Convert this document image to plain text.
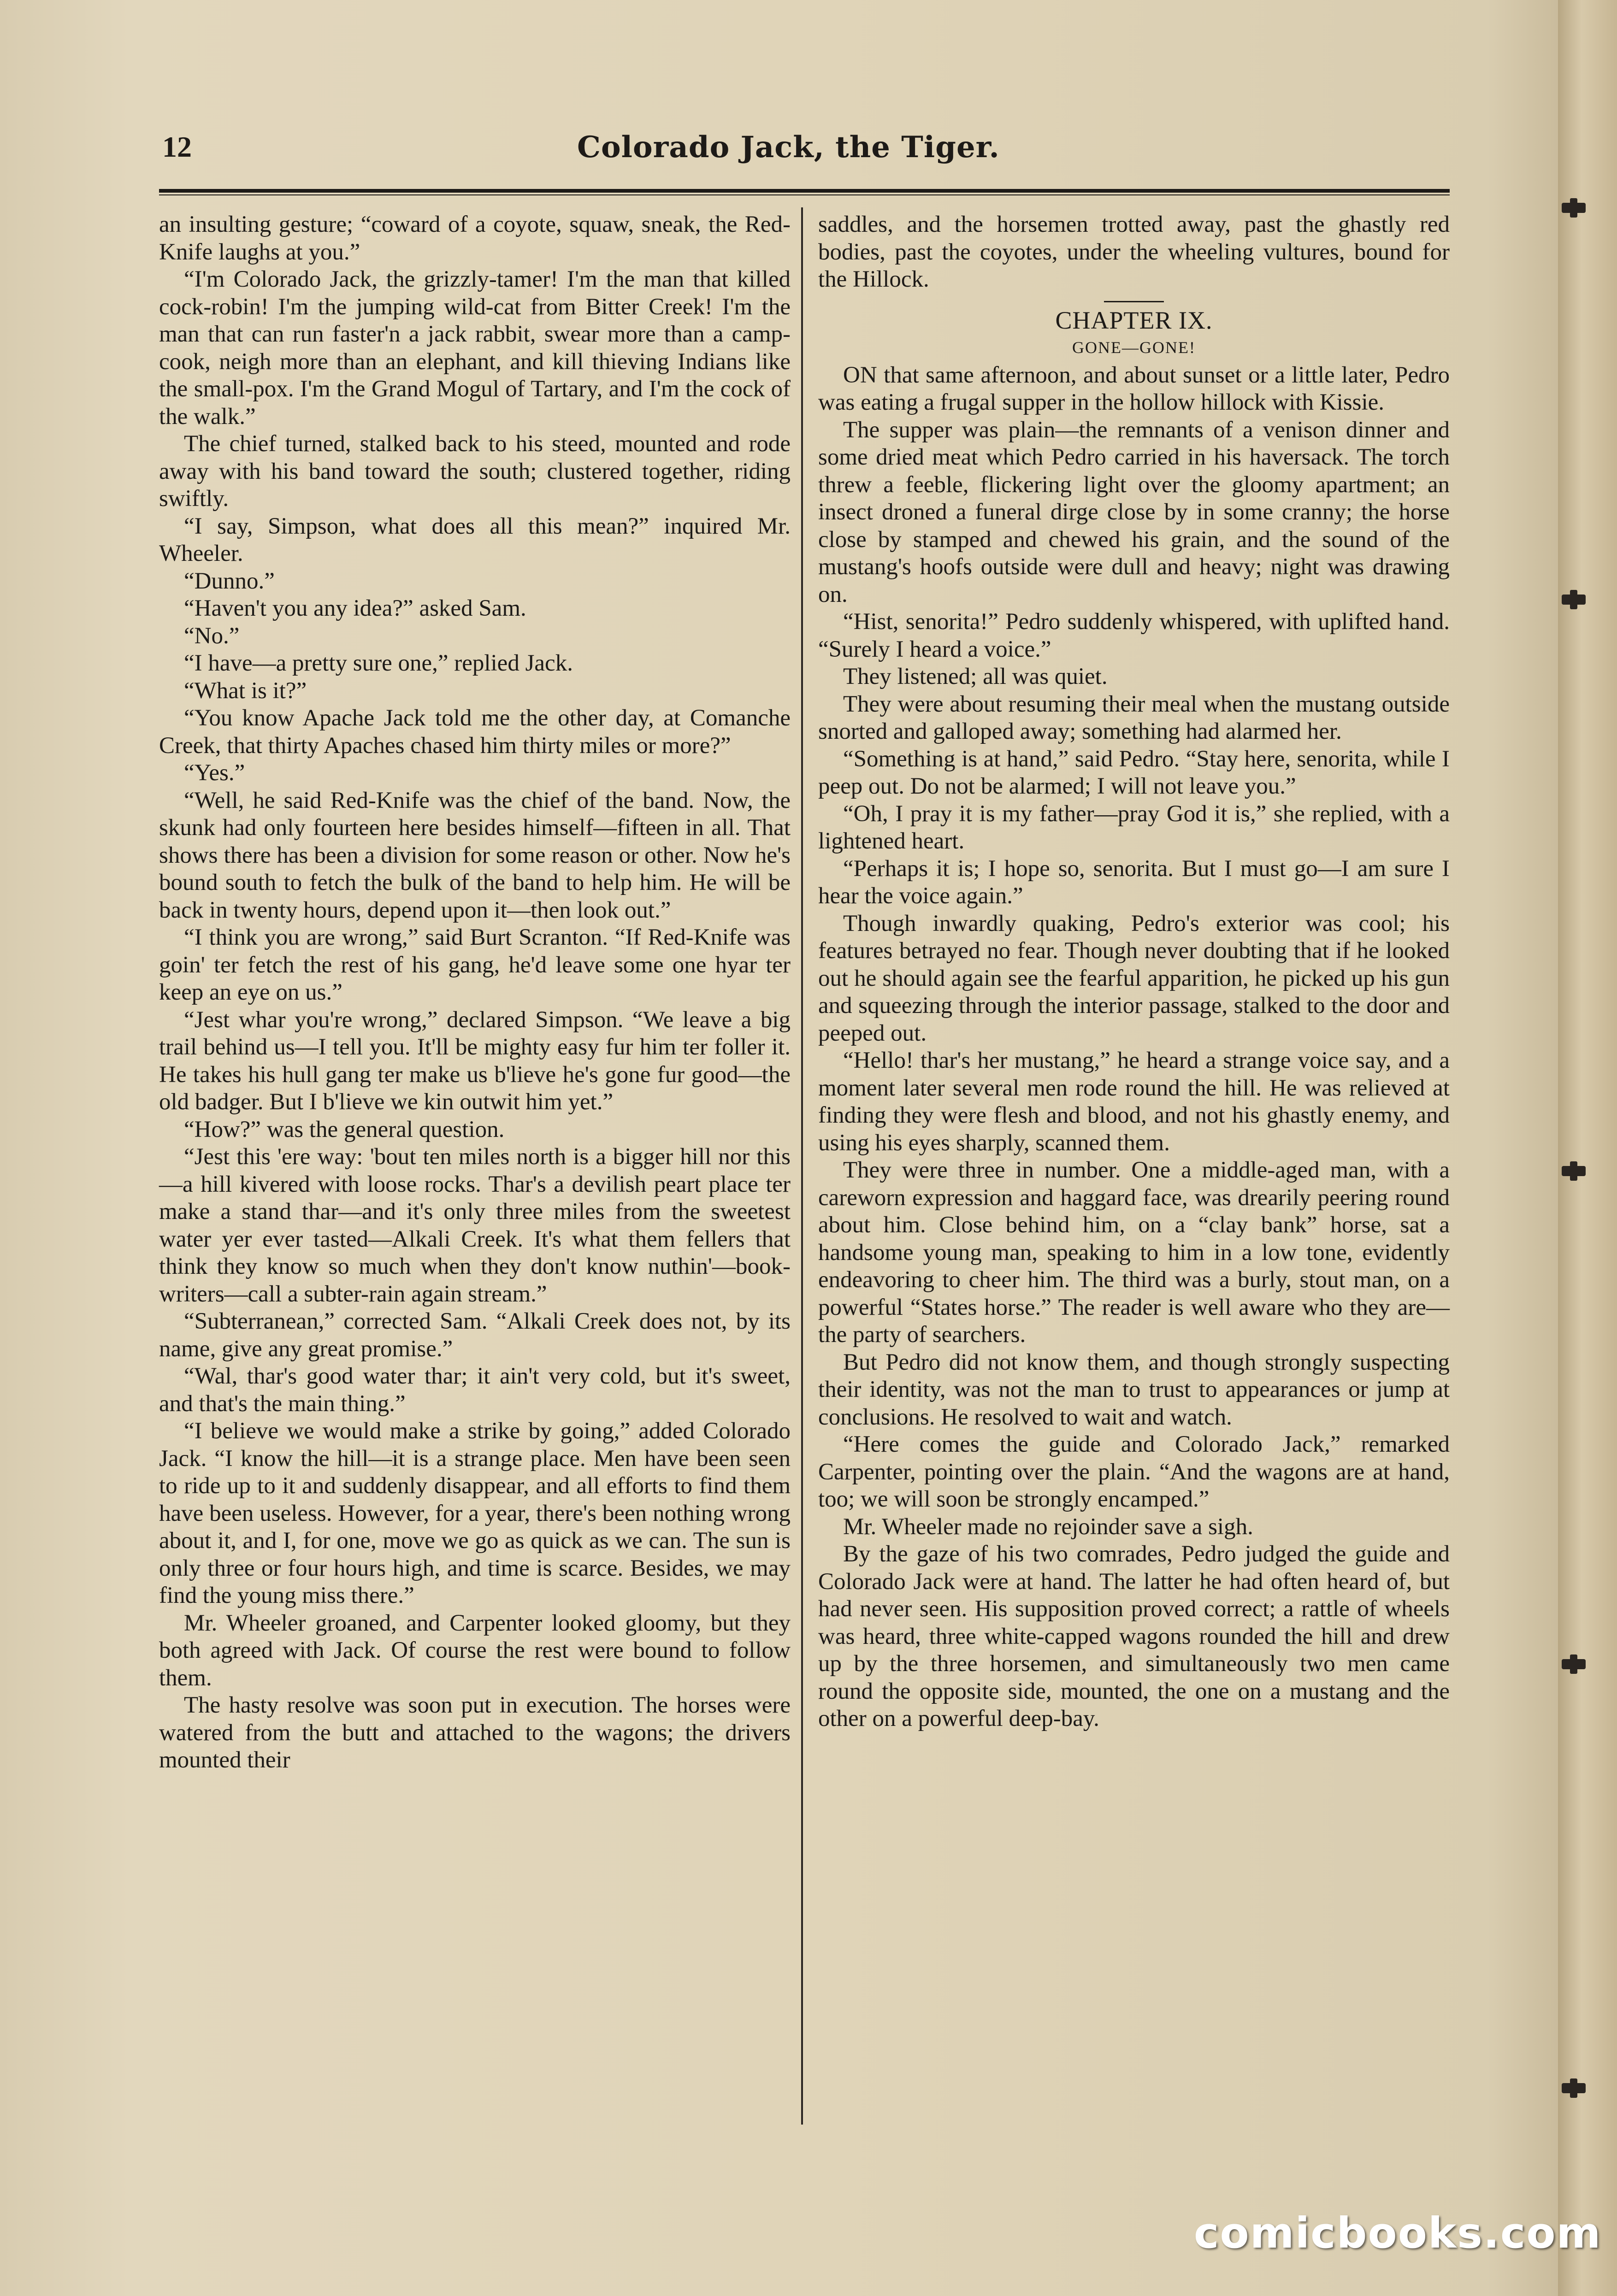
12	Colorado Jack, the Tiger.

an insulting gesture; “coward of a coyote, squaw, sneak, the Red-Knife laughs at you.”

“I'm Colorado Jack, the grizzly-tamer! I'm the man that killed cock-robin! I'm the jumping wild-cat from Bitter Creek! I'm the man that can run faster'n a jack rabbit, swear more than a camp-cook, neigh more than an elephant, and kill thieving Indians like the small-pox. I'm the Grand Mogul of Tartary, and I'm the cock of the walk.”

The chief turned, stalked back to his steed, mounted and rode away with his band toward the south; clustered together, riding swiftly.

“I say, Simpson, what does all this mean?” inquired Mr. Wheeler.

“Dunno.”

“Haven't you any idea?” asked Sam.

“No.”

“I have—a pretty sure one,” replied Jack.

“What is it?”

“You know Apache Jack told me the other day, at Comanche Creek, that thirty Apaches chased him thirty miles or more?”

“Yes.”

“Well, he said Red-Knife was the chief of the band. Now, the skunk had only fourteen here besides himself—fifteen in all. That shows there has been a division for some reason or other. Now he's bound south to fetch the bulk of the band to help him. He will be back in twenty hours, depend upon it—then look out.”

“I think you are wrong,” said Burt Scranton. “If Red-Knife was goin' ter fetch the rest of his gang, he'd leave some one hyar ter keep an eye on us.”

“Jest whar you're wrong,” declared Simpson. “We leave a big trail behind us—I tell you. It'll be mighty easy fur him ter foller it. He takes his hull gang ter make us b'lieve he's gone fur good—the old badger. But I b'lieve we kin outwit him yet.”

“How?” was the general question.

“Jest this 'ere way: 'bout ten miles north is a bigger hill nor this—a hill kivered with loose rocks. Thar's a devilish peart place ter make a stand thar—and it's only three miles from the sweetest water yer ever tasted—Alkali Creek. It's what them fellers that think they know so much when they don't know nuthin'—book-writers—call a subter-rain again stream.”

“Subterranean,” corrected Sam. “Alkali Creek does not, by its name, give any great promise.”

“Wal, thar's good water thar; it ain't very cold, but it's sweet, and that's the main thing.”

“I believe we would make a strike by going,” added Colorado Jack. “I know the hill—it is a strange place. Men have been seen to ride up to it and suddenly disappear, and all efforts to find them have been useless. However, for a year, there's been nothing wrong about it, and I, for one, move we go as quick as we can. The sun is only three or four hours high, and time is scarce. Besides, we may find the young miss there.”

Mr. Wheeler groaned, and Carpenter looked gloomy, but they both agreed with Jack. Of course the rest were bound to follow them.

The hasty resolve was soon put in execution. The horses were watered from the butt and attached to the wagons; the drivers mounted their

saddles, and the horsemen trotted away, past the ghastly red bodies, past the coyotes, under the wheeling vultures, bound for the Hillock.

CHAPTER IX.

GONE—GONE!

ON that same afternoon, and about sunset or a little later, Pedro was eating a frugal supper in the hollow hillock with Kissie.

The supper was plain—the remnants of a venison dinner and some dried meat which Pedro carried in his haversack. The torch threw a feeble, flickering light over the gloomy apartment; an insect droned a funeral dirge close by in some cranny; the horse close by stamped and chewed his grain, and the sound of the mustang's hoofs outside were dull and heavy; night was drawing on.

“Hist, senorita!” Pedro suddenly whispered, with uplifted hand. “Surely I heard a voice.”

They listened; all was quiet.

They were about resuming their meal when the mustang outside snorted and galloped away; something had alarmed her.

“Something is at hand,” said Pedro. “Stay here, senorita, while I peep out. Do not be alarmed; I will not leave you.”

“Oh, I pray it is my father—pray God it is,” she replied, with a lightened heart.

“Perhaps it is; I hope so, senorita. But I must go—I am sure I hear the voice again.”

Though inwardly quaking, Pedro's exterior was cool; his features betrayed no fear. Though never doubting that if he looked out he should again see the fearful apparition, he picked up his gun and squeezing through the interior passage, stalked to the door and peeped out.

“Hello! thar's her mustang,” he heard a strange voice say, and a moment later several men rode round the hill. He was relieved at finding they were flesh and blood, and not his ghastly enemy, and using his eyes sharply, scanned them.

They were three in number. One a middle-aged man, with a careworn expression and haggard face, was drearily peering round about him. Close behind him, on a “clay bank” horse, sat a handsome young man, speaking to him in a low tone, evidently endeavoring to cheer him. The third was a burly, stout man, on a powerful “States horse.” The reader is well aware who they are—the party of searchers.

But Pedro did not know them, and though strongly suspecting their identity, was not the man to trust to appearances or jump at conclusions. He resolved to wait and watch.

“Here comes the guide and Colorado Jack,” remarked Carpenter, pointing over the plain. “And the wagons are at hand, too; we will soon be strongly encamped.”

Mr. Wheeler made no rejoinder save a sigh.

By the gaze of his two comrades, Pedro judged the guide and Colorado Jack were at hand. The latter he had often heard of, but had never seen. His supposition proved correct; a rattle of wheels was heard, three white-capped wagons rounded the hill and drew up by the three horsemen, and simultaneously two men came round the opposite side, mounted, the one on a mustang and the other on a powerful deep-bay.

comicbooks.com
